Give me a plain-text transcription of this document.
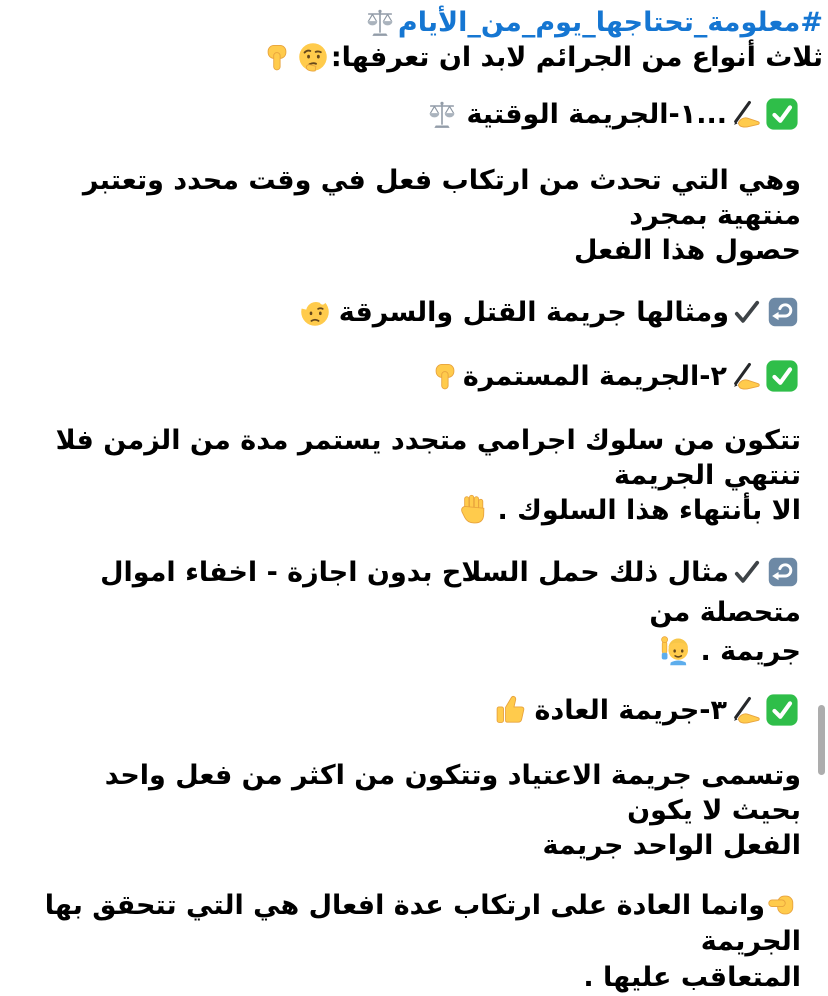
#معلومة_تحتاجها_يوم_من_الأيام
ثلاث أنواع من الجرائم لابد ان تعرفها:
...١-الجريمة الوقتية
وهي التي تحدث من ارتكاب فعل في وقت محدد وتعتبر منتهية بمجرد
حصول هذا الفعل
ومثالها جريمة القتل والسرقة
٢-الجريمة المستمرة
تتكون من سلوك اجرامي متجدد يستمر مدة من الزمن فلا تنتهي الجريمة
الا بأنتهاء هذا السلوك .
مثال ذلك حمل السلاح بدون اجازة - اخفاء اموال متحصلة من
جريمة .
٣-جريمة العادة
وتسمى جريمة الاعتياد وتتكون من اكثر من فعل واحد بحيث لا يكون
الفعل الواحد جريمة
وانما العادة على ارتكاب عدة افعال هي التي تتحقق بها الجريمة
المتعاقب عليها .
